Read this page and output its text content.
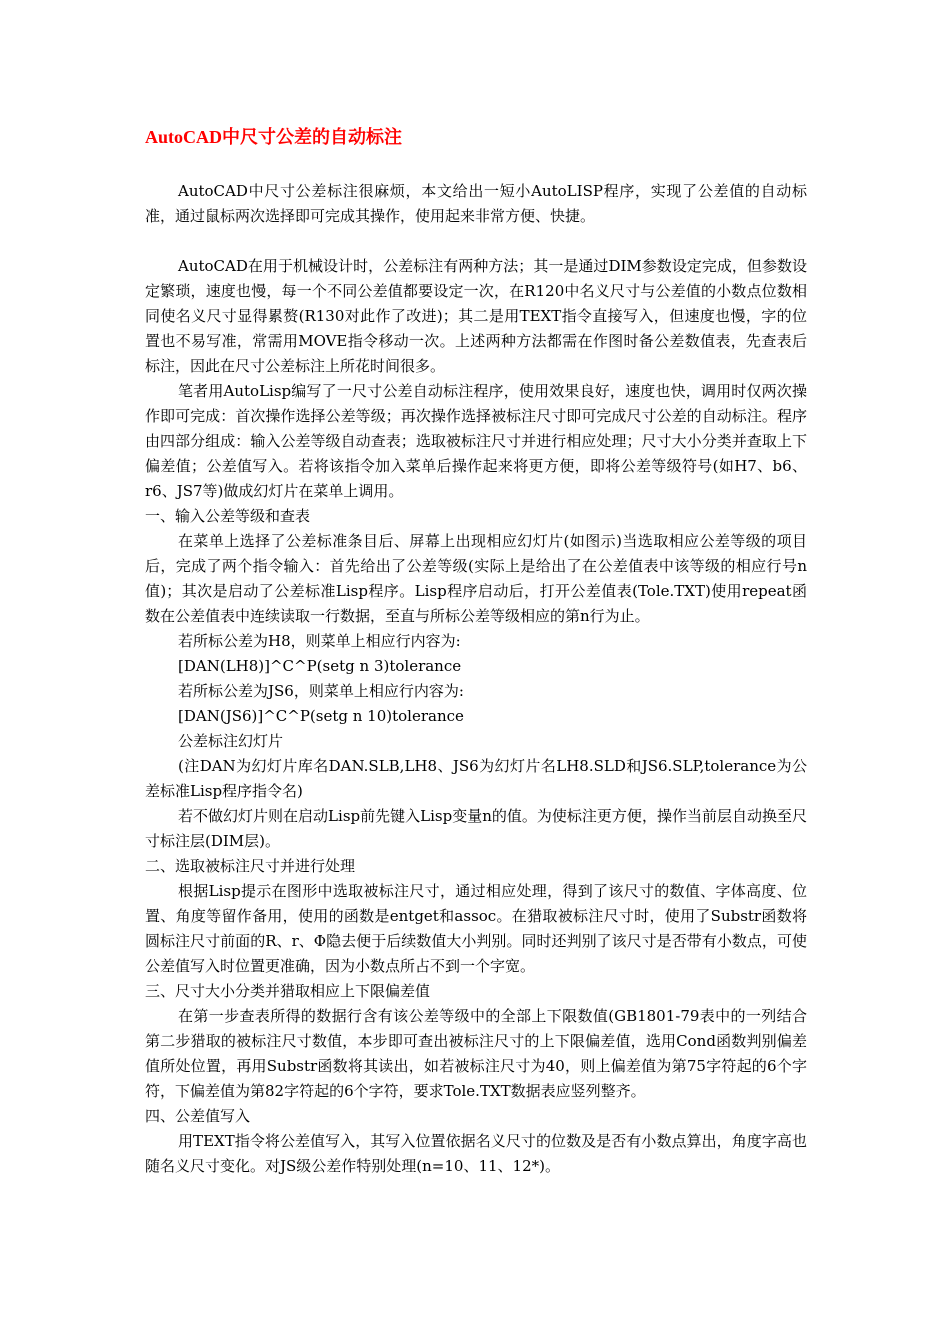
AutoCAD中尺寸公差的自动标注

AutoCAD中尺寸公差标注很麻烦，本文给出一短小AutoLISP程序，实现了公差值的自动标准，通过鼠标两次选择即可完成其操作，使用起来非常方便、快捷。

AutoCAD在用于机械设计时，公差标注有两种方法；其一是通过DIM参数设定完成，但参数设定繁琐，速度也慢，每一个不同公差值都要设定一次，在R120中名义尺寸与公差值的小数点位数相同使名义尺寸显得累赘(R130对此作了改进)；其二是用TEXT指令直接写入，但速度也慢，字的位置也不易写准，常需用MOVE指令移动一次。上述两种方法都需在作图时备公差数值表，先查表后标注，因此在尺寸公差标注上所花时间很多。

笔者用AutoLisp编写了一尺寸公差自动标注程序，使用效果良好，速度也快，调用时仅两次操作即可完成：首次操作选择公差等级；再次操作选择被标注尺寸即可完成尺寸公差的自动标注。程序由四部分组成：输入公差等级自动查表；选取被标注尺寸并进行相应处理；尺寸大小分类并查取上下偏差值；公差值写入。若将该指令加入菜单后操作起来将更方便，即将公差等级符号(如H7、b6、r6、JS7等)做成幻灯片在菜单上调用。

一、输入公差等级和查表

在菜单上选择了公差标准条目后、屏幕上出现相应幻灯片(如图示)当选取相应公差等级的项目后，完成了两个指令输入：首先给出了公差等级(实际上是给出了在公差值表中该等级的相应行号n值)；其次是启动了公差标准Lisp程序。Lisp程序启动后，打开公差值表(Tole.TXT)使用repeat函数在公差值表中连续读取一行数据，至直与所标公差等级相应的第n行为止。

若所标公差为H8，则菜单上相应行内容为:

[DAN(LH8)]^C^P(setg n 3)tolerance

若所标公差为JS6，则菜单上相应行内容为:

[DAN(JS6)]^C^P(setg n 10)tolerance

公差标注幻灯片

(注DAN为幻灯片库名DAN.SLB,LH8、JS6为幻灯片名LH8.SLD和JS6.SLP,tolerance为公差标准Lisp程序指令名)

若不做幻灯片则在启动Lisp前先键入Lisp变量n的值。为使标注更方便，操作当前层自动换至尺寸标注层(DIM层)。

二、选取被标注尺寸并进行处理

根据Lisp提示在图形中选取被标注尺寸，通过相应处理，得到了该尺寸的数值、字体高度、位置、角度等留作备用，使用的函数是entget和assoc。在猎取被标注尺寸时，使用了Substr函数将圆标注尺寸前面的R、r、Φ隐去便于后续数值大小判别。同时还判别了该尺寸是否带有小数点，可使公差值写入时位置更准确，因为小数点所占不到一个字宽。

三、尺寸大小分类并猎取相应上下限偏差值

在第一步查表所得的数据行含有该公差等级中的全部上下限数值(GB1801-79表中的一列结合第二步猎取的被标注尺寸数值，本步即可查出被标注尺寸的上下限偏差值，选用Cond函数判别偏差值所处位置，再用Substr函数将其读出，如若被标注尺寸为40，则上偏差值为第75字符起的6个字符，下偏差值为第82字符起的6个字符，要求Tole.TXT数据表应竖列整齐。

四、公差值写入

用TEXT指令将公差值写入，其写入位置依据名义尺寸的位数及是否有小数点算出，角度字高也随名义尺寸变化。对JS级公差作特别处理(n=10、11、12*)。
